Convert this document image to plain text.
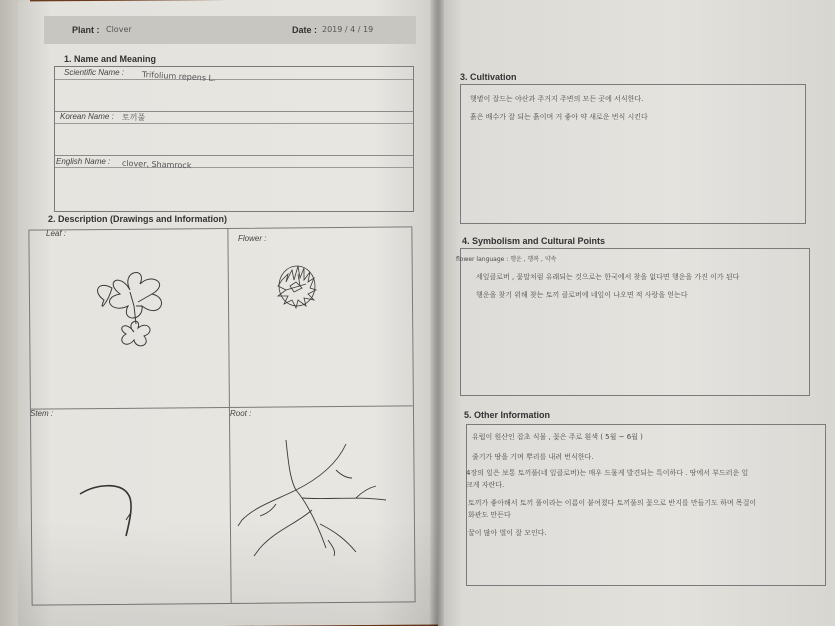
Plant : Clover	Date : 2019 / 4 / 19
1. Name and Meaning
Scientific Name : Trifolium repens L.
Korean Name : 토끼풀
English Name : clover, Shamrock
2. Description (Drawings and Information)
Leaf :
Flower :
Stem :	Root :
3. Cultivation
햇볕이 잘드는 야산과 주거지 주변의 모든 곳에 서식한다.
흙은 배수가 잘 되는 흙이며 거 좋아 약 새로운 번식 시킨다
4. Symbolism and Cultural Points
flower language : 행운 , 행복 , 약속
세잎클로버 , 꽃말처럼 유래되는 것으로는 한국에서 찾을 없다면 행운을 가진 이가 된다
행운을 찾기 위해 찾는 토끼 클로버에 네잎이 나오면 적 사랑을 얻는다
5. Other Information
유럽이 원산인 잡초 식물 , 꽃은 주로 흰색 ( 5월 ~ 6월 )
줄기가 땅을 기며 뿌리를 내려 번식한다.
4장의 잎은 보통 토끼풀(네 잎클로버)는 매우 드물게 발견되는 특이하다 . 땅에서 부드러운 잎
크게 자란다.
토끼가 좋아해서 토끼 풀이라는 이름이 붙여졌다 토끼풀의 꽃으로 반지를 만들기도 하며 목걸이
화관도 만든다
꿀이 많아 벌이 잘 모인다.
